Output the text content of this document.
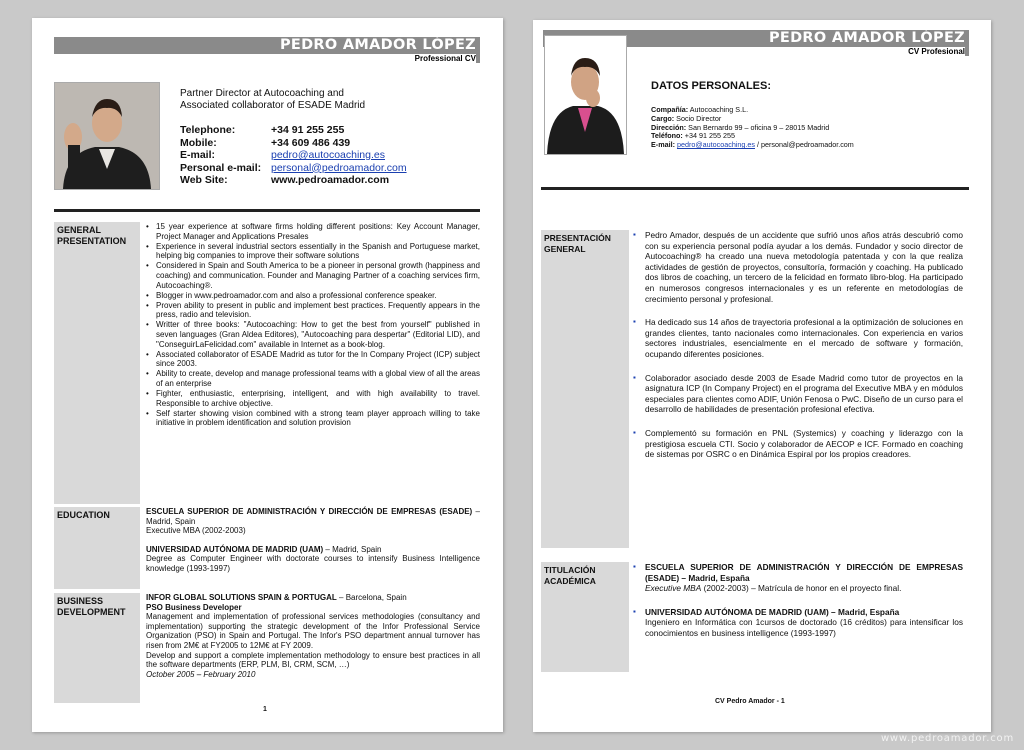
PEDRO AMADOR LÓPEZ
Professional CV
Partner Director at Autocoaching and
Associated collaborator of ESADE Madrid
Telephone:	+34 91 255 255
Mobile:	+34 609 486 439
E-mail:	pedro@autocoaching.es
Personal e-mail: personal@pedroamador.com
Web Site:	www.pedroamador.com
GENERAL PRESENTATION
• 15 year experience at software firms holding different positions: Key Account Manager, Project Manager and Applications Presales
• Experience in several industrial sectors essentially in the Spanish and Portuguese market, helping big companies to improve their software solutions
• Considered in Spain and South America to be a pioneer in personal growth (happiness and coaching) and communication. Founder and Managing Partner of a coaching services firm, Autocoaching®.
• Blogger in www.pedroamador.com and also a professional conference speaker.
• Proven ability to present in public and implement best practices. Frequently appears in the press, radio and television.
• Writter of three books: "Autocoaching: How to get the best from yourself" published in seven languages (Gran Aldea Editores), "Autocoaching para despertar" (Editorial LID), and "ConseguirLaFelicidad.com" available in Internet as a book-blog.
• Associated collaborator of ESADE Madrid as tutor for the In Company Project (ICP) subject since 2003.
• Ability to create, develop and manage professional teams with a global view of all the areas of an enterprise
• Fighter, enthusiastic, enterprising, intelligent, and with high availability to travel. Responsible to archive objective.
• Self starter showing vision combined with a strong team player approach willing to take initiative in problem identification and solution provision
EDUCATION	ESCUELA SUPERIOR DE ADMINISTRACIÓN Y DIRECCIÓN DE EMPRESAS (ESADE) – Madrid, Spain
Executive MBA (2002-2003)
UNIVERSIDAD AUTÓNOMA DE MADRID (UAM) – Madrid, Spain
Degree as Computer Engineer with doctorate courses to intensify Business Intelligence knowledge (1993-1997)
BUSINESS DEVELOPMENT
INFOR GLOBAL SOLUTIONS SPAIN & PORTUGAL – Barcelona, Spain
PSO Business Developer
Management and implementation of professional services methodologies (consultancy and implementation) supporting the strategic development of the Infor Professional Service Organization (PSO) in Spain and Portugal. The Infor's PSO department annual turnover has risen from 2M€ at FY2005 to 12M€ at FY 2009.
Develop and support a complete implementation methodology to ensure best practices in all the software departments (ERP, PLM, BI, CRM, SCM, …)
October 2005 – February 2010
1
PEDRO AMADOR LÓPEZ
CV Profesional
DATOS PERSONALES:
Compañía: Autocoaching S.L.
Cargo: Socio Director
Dirección: San Bernardo 99 – oficina 9 – 28015 Madrid
Teléfono: +34 91 255 255
E-mail: pedro@autocoaching.es / personal@pedroamador.com
PRESENTACIÓN GENERAL
▪ Pedro Amador, después de un accidente que sufrió unos años atrás descubrió como con su experiencia personal podía ayudar a los demás. Fundador y socio director de Autocoaching® ha creado una nueva metodología patentada y con la que realiza actividades de gestión de proyectos, consultoría, formación y coaching. Ha publicado dos libros de coaching, un tercero de la felicidad en formato libro-blog. Ha participado en numerosos congresos internacionales y es un referente en metodologías de crecimiento personal y profesional.
▪ Ha dedicado sus 14 años de trayectoria profesional a la optimización de soluciones en grandes clientes, tanto nacionales como internacionales. Con experiencia en varios sectores industriales, esencialmente en el mercado de software y formación, ocupando diferentes posiciones.
▪ Colaborador asociado desde 2003 de Esade Madrid como tutor de proyectos en la asignatura ICP (In Company Project) en el programa del Executive MBA y en módulos especiales para clientes como ADIF, Unión Fenosa o PwC. Diseño de un curso para el desarrollo de habilidades de presentación profesional efectiva.
▪ Complementó su formación en PNL (Systemics) y coaching y liderazgo con la prestigiosa escuela CTI. Socio y colaborador de AECOP e ICF. Formado en coaching de sistemas por OSRC o en Dinámica Espiral por los propios creadores.
TITULACIÓN ACADÉMICA
▪ ESCUELA SUPERIOR DE ADMINISTRACIÓN Y DIRECCIÓN DE EMPRESAS (ESADE) – Madrid, España
Executive MBA (2002-2003) – Matrícula de honor en el proyecto final.
▪ UNIVERSIDAD AUTÓNOMA DE MADRID (UAM) – Madrid, España
Ingeniero en Informática con 1cursos de doctorado (16 créditos) para intensificar los conocimientos en business intelligence (1993-1997)
CV Pedro Amador - 1
www.pedroamador.com
